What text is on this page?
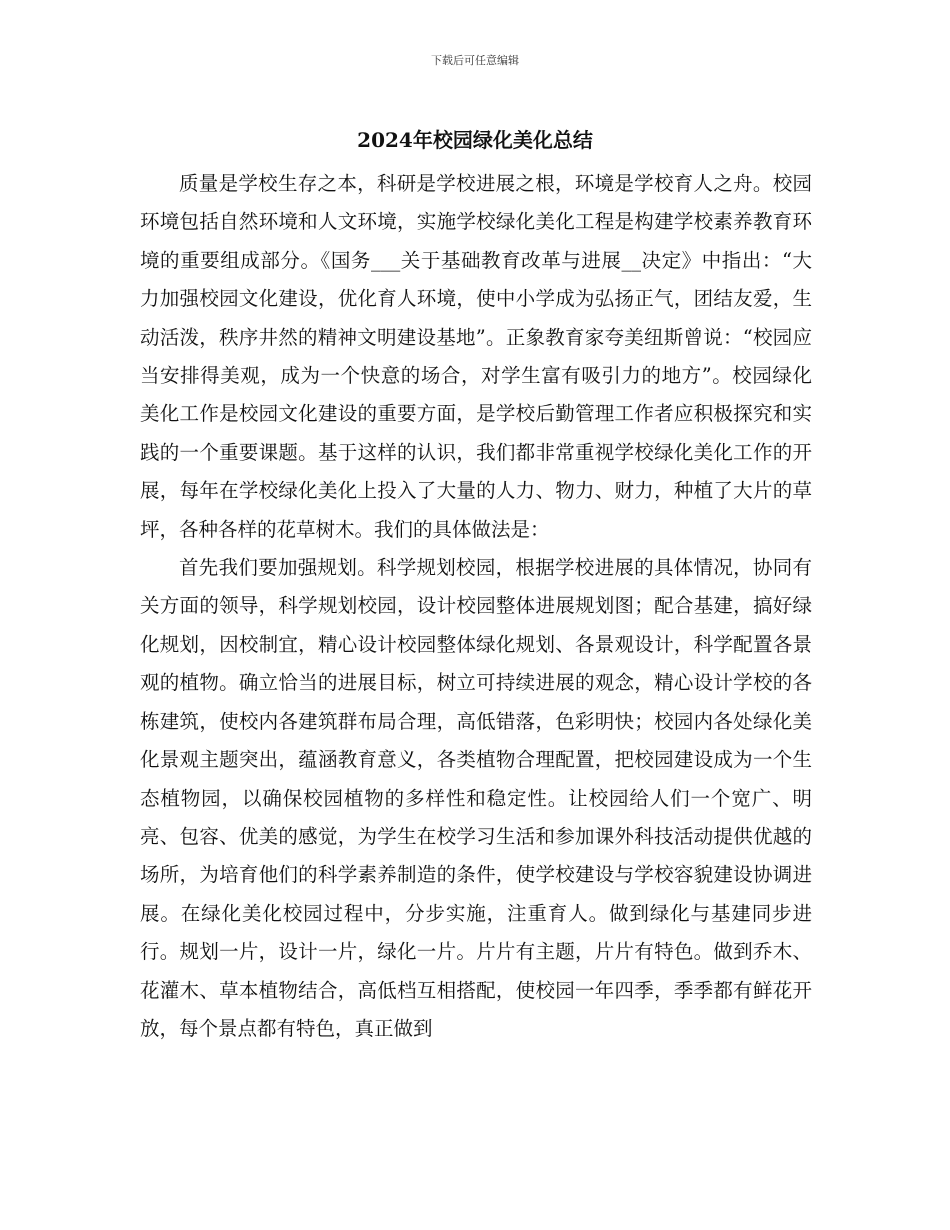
下载后可任意编辑
2024年校园绿化美化总结

质量是学校生存之本，科研是学校进展之根，环境是学校育人之舟。校园环境包括自然环境和人文环境，实施学校绿化美化工程是构建学校素养教育环境的重要组成部分。《国务___关于基础教育改革与进展__决定》中指出：“大力加强校园文化建设，优化育人环境，使中小学成为弘扬正气，团结友爱，生动活泼，秩序井然的精神文明建设基地”。正象教育家夸美纽斯曾说：“校园应当安排得美观，成为一个快意的场合，对学生富有吸引力的地方”。校园绿化美化工作是校园文化建设的重要方面，是学校后勤管理工作者应积极探究和实践的一个重要课题。基于这样的认识，我们都非常重视学校绿化美化工作的开展，每年在学校绿化美化上投入了大量的人力、物力、财力，种植了大片的草坪，各种各样的花草树木。我们的具体做法是：

首先我们要加强规划。科学规划校园，根据学校进展的具体情况，协同有关方面的领导，科学规划校园，设计校园整体进展规划图；配合基建，搞好绿化规划，因校制宜，精心设计校园整体绿化规划、各景观设计，科学配置各景观的植物。确立恰当的进展目标，树立可持续进展的观念，精心设计学校的各栋建筑，使校内各建筑群布局合理，高低错落，色彩明快；校园内各处绿化美化景观主题突出，蕴涵教育意义，各类植物合理配置，把校园建设成为一个生态植物园，以确保校园植物的多样性和稳定性。让校园给人们一个宽广、明亮、包容、优美的感觉，为学生在校学习生活和参加课外科技活动提供优越的场所，为培育他们的科学素养制造的条件，使学校建设与学校容貌建设协调进展。在绿化美化校园过程中，分步实施，注重育人。做到绿化与基建同步进行。规划一片，设计一片，绿化一片。片片有主题，片片有特色。做到乔木、花灌木、草本植物结合，高低档互相搭配，使校园一年四季，季季都有鲜花开放，每个景点都有特色，真正做到
